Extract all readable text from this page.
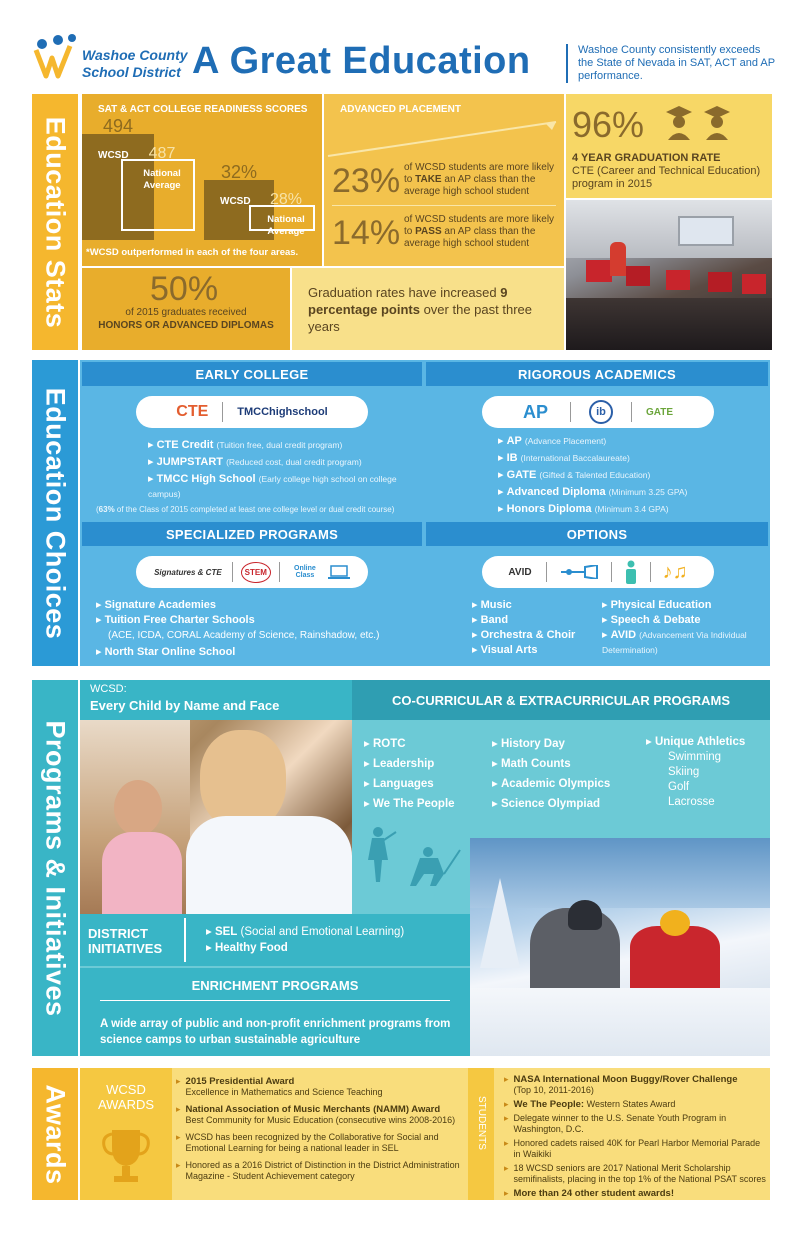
Washoe County
School District A Great Education	Washoe County consistently exceeds the State of Nevada in SAT, ACT and AP performance.
Education Stats
SAT & ACT COLLEGE READINESS SCORES
494
WCSD 487
National
Average
32%
WCSD 28%
National
Average
*WCSD outperformed in each of the four areas.
ADVANCED PLACEMENT
23% of WCSD students are more likely to TAKE an AP class than the average high school student
14% of WCSD students are more likely to PASS an AP class than the average high school student
96%
4 YEAR GRADUATION RATE
CTE (Career and Technical Education) program in 2015
50%
of 2015 graduates received
HONORS OR ADVANCED DIPLOMAS
Graduation rates have increased 9 percentage points over the past three years
Education Choices
EARLY COLLEGE
CTE	TMCChighschool
▸ CTE Credit (Tuition free, dual credit program)
▸ JUMPSTART (Reduced cost, dual credit program)
▸ TMCC High School (Early college high school on college campus)
(63% of the Class of 2015 completed at least one college level or dual credit course)
RIGOROUS ACADEMICS
AP	ib	GATE
▸ AP (Advance Placement)
▸ IB (International Baccalaureate)
▸ GATE (Gifted & Talented Education)
▸ Advanced Diploma (Minimum 3.25 GPA)
▸ Honors Diploma (Minimum 3.4 GPA)
SPECIALIZED PROGRAMS
Signatures & CTE	STEM	Online Class
▸ Signature Academies
▸ Tuition Free Charter Schools
(ACE, ICDA, CORAL Academy of Science, Rainshadow, etc.)
▸ North Star Online School
OPTIONS
AVID	♪♫
▸ Music
▸ Band
▸ Orchestra & Choir
▸ Visual Arts
▸ Physical Education
▸ Speech & Debate
▸ AVID (Advancement Via Individual Determination)
Programs & Initiatives
WCSD:
Every Child by Name and Face	CO-CURRICULAR & EXTRACURRICULAR PROGRAMS
▸ ROTC
▸ Leadership
▸ Languages
▸ We The People
▸ History Day
▸ Math Counts
▸ Academic Olympics
▸ Science Olympiad
▸ Unique Athletics
Swimming
Skiing
Golf
Lacrosse
DISTRICT
INITIATIVES
▸ SEL (Social and Emotional Learning)
▸ Healthy Food
ENRICHMENT PROGRAMS
A wide array of public and non-profit enrichment programs from science camps to urban sustainable agriculture
Awards	WCSD
AWARDS
▸ 2015 Presidential Award
Excellence in Mathematics and Science Teaching
▸ National Association of Music Merchants (NAMM) Award
Best Community for Music Education (consecutive wins 2008-2016)
▸ WCSD has been recognized by the Collaborative for Social and Emotional Learning for being a national leader in SEL
▸ Honored as a 2016 District of Distinction in the District Administration Magazine - Student Achievement category
STUDENTS
▸ NASA International Moon Buggy/Rover Challenge
(Top 10, 2011-2016)
▸ We The People: Western States Award
▸ Delegate winner to the U.S. Senate Youth Program in Washington, D.C.
▸ Honored cadets raised 40K for Pearl Harbor Memorial Parade in Waikiki
▸ 18 WCSD seniors are 2017 National Merit Scholarship semifinalists, placing in the top 1% of the National PSAT scores
▸ More than 24 other student awards!
